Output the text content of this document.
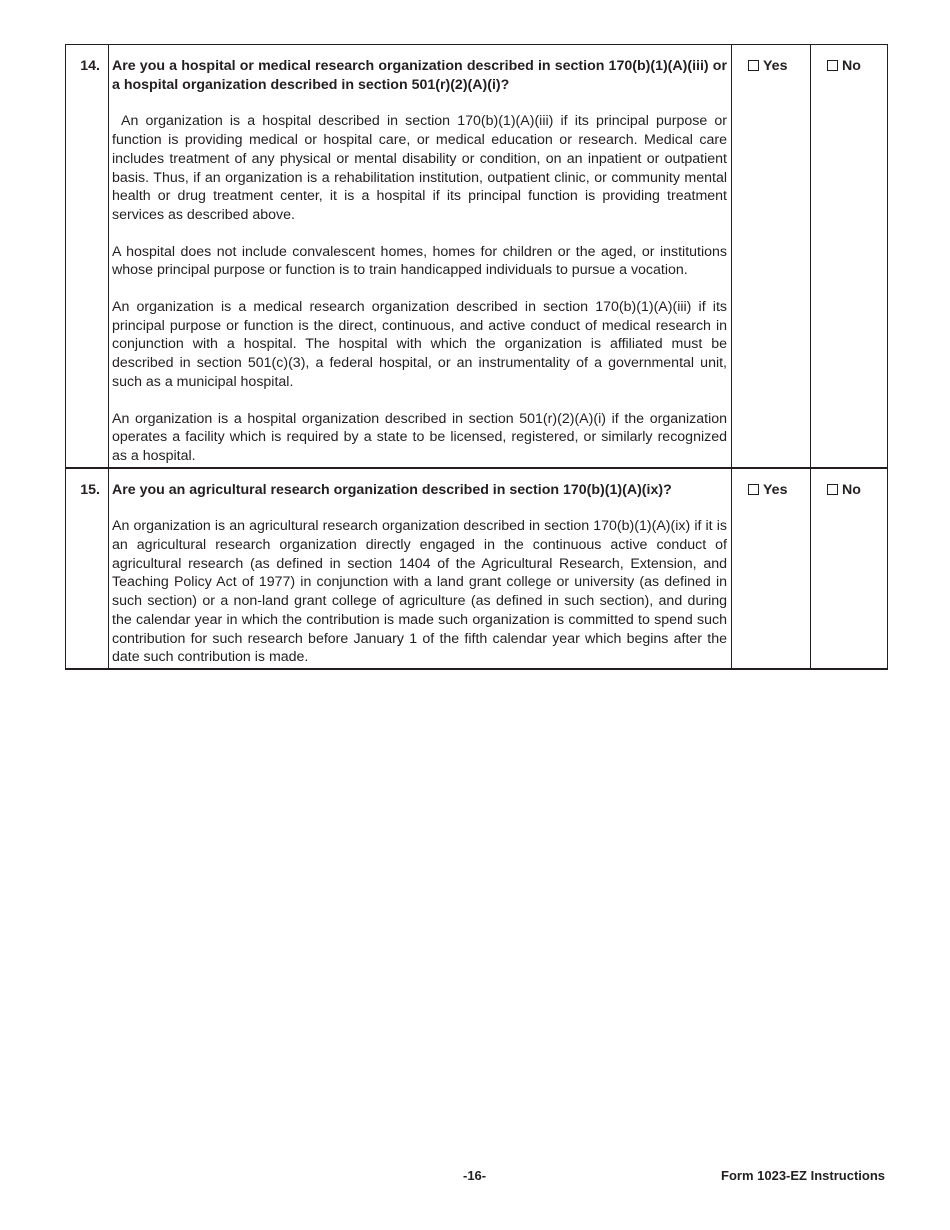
14.	Are you a hospital or medical research organization described in section 170(b)(1)(A)(iii) or a hospital organization described in section 501(r)(2)(A)(i)?
An organization is a hospital described in section 170(b)(1)(A)(iii) if its principal purpose or function is providing medical or hospital care, or medical education or research. Medical care includes treatment of any physical or mental disability or condition, on an inpatient or outpatient basis. Thus, if an organization is a rehabilitation institution, outpatient clinic, or community mental health or drug treatment center, it is a hospital if its principal function is providing treatment services as described above.
A hospital does not include convalescent homes, homes for children or the aged, or institutions whose principal purpose or function is to train handicapped individuals to pursue a vocation.
An organization is a medical research organization described in section 170(b)(1)(A)(iii) if its principal purpose or function is the direct, continuous, and active conduct of medical research in conjunction with a hospital. The hospital with which the organization is affiliated must be described in section 501(c)(3), a federal hospital, or an instrumentality of a governmental unit, such as a municipal hospital.
An organization is a hospital organization described in section 501(r)(2)(A)(i) if the organization operates a facility which is required by a state to be licensed, registered, or similarly recognized as a hospital.	Yes	No

15.	Are you an agricultural research organization described in section 170(b)(1)(A)(ix)?
An organization is an agricultural research organization described in section 170(b)(1)(A)(ix) if it is an agricultural research organization directly engaged in the continuous active conduct of agricultural research (as defined in section 1404 of the Agricultural Research, Extension, and Teaching Policy Act of 1977) in conjunction with a land grant college or university (as defined in such section) or a non-land grant college of agriculture (as defined in such section), and during the calendar year in which the contribution is made such organization is committed to spend such contribution for such research before January 1 of the fifth calendar year which begins after the date such contribution is made.	Yes	No
-16-	Form 1023-EZ Instructions
